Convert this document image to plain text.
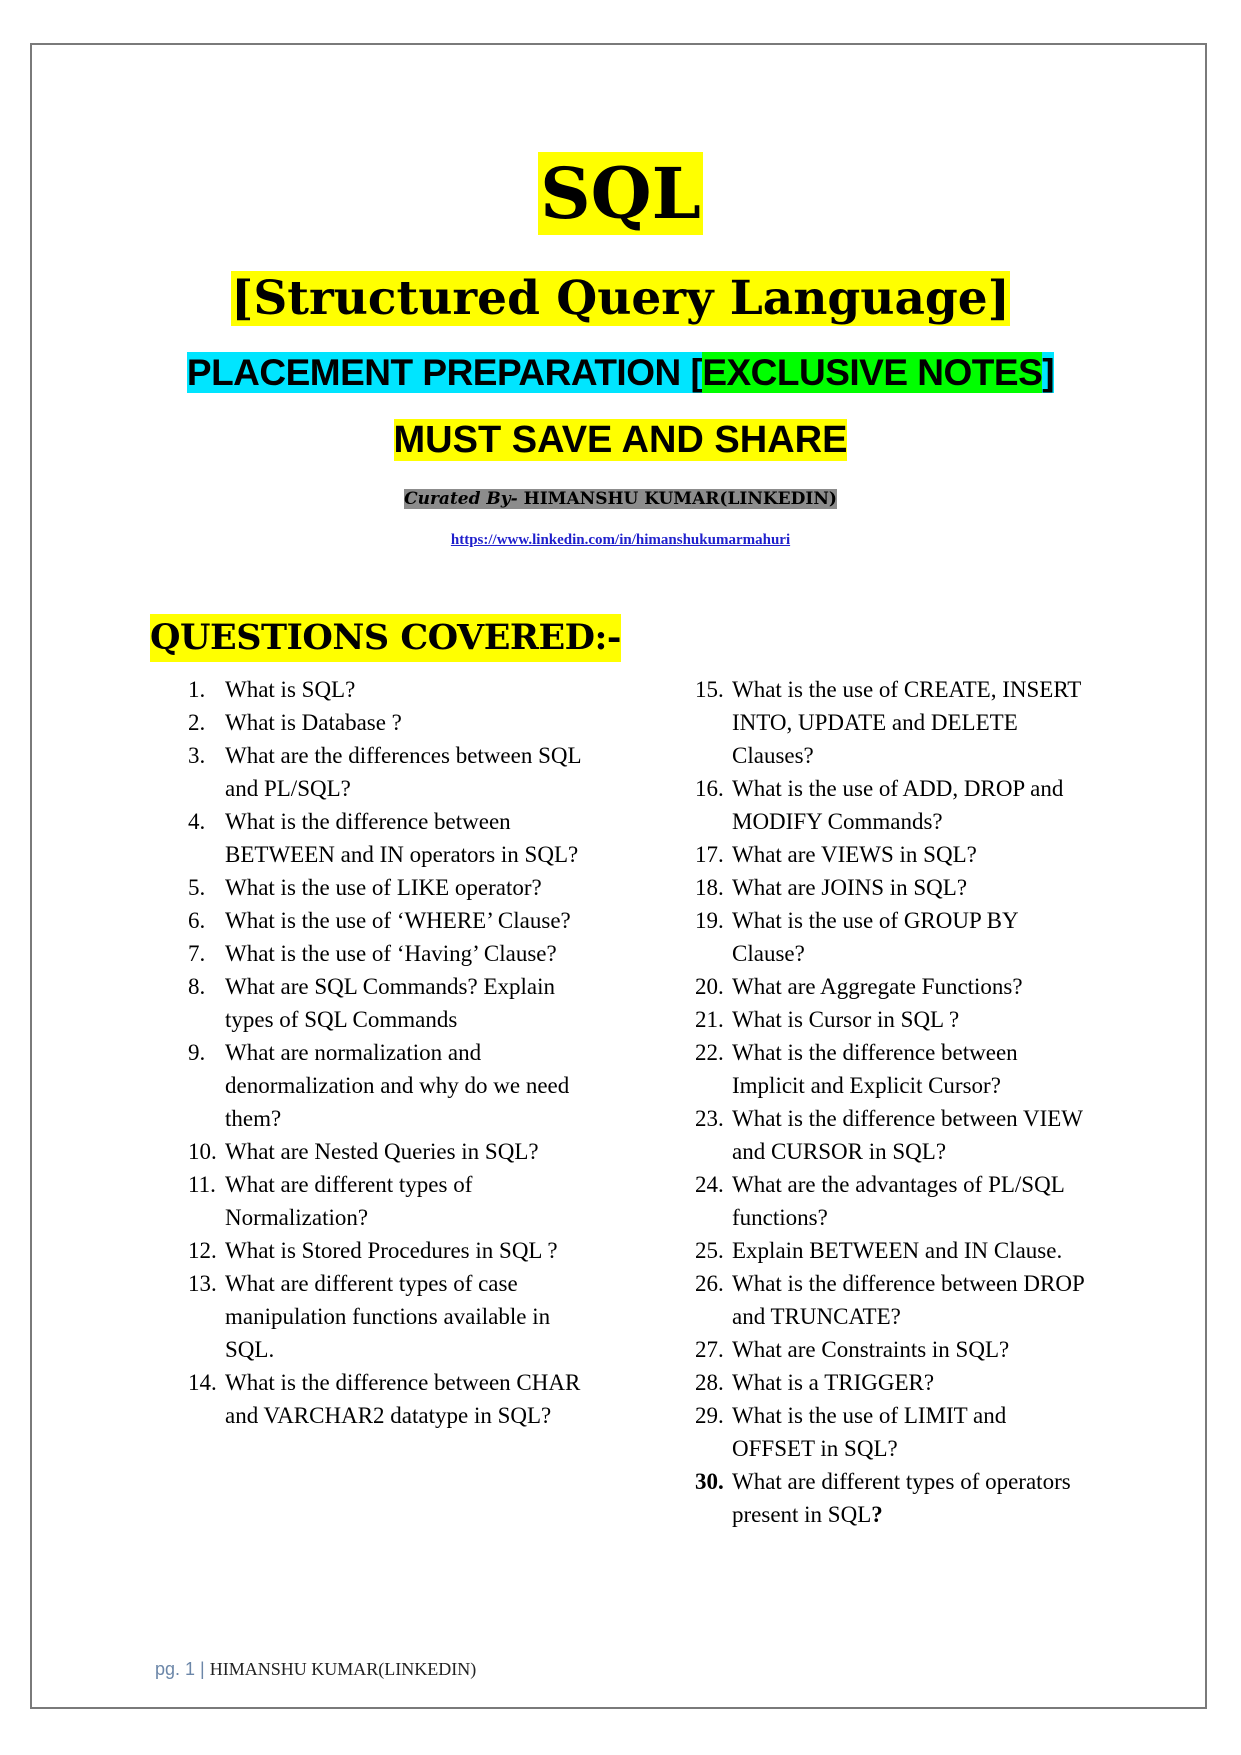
SQL
[Structured Query Language]
PLACEMENT PREPARATION [EXCLUSIVE NOTES]
MUST SAVE AND SHARE
Curated By- HIMANSHU KUMAR(LINKEDIN)
https://www.linkedin.com/in/himanshukumarmahuri
QUESTIONS COVERED:-
1. What is SQL?
2. What is Database ?
3. What are the differences between SQL and PL/SQL?
4. What is the difference between BETWEEN and IN operators in SQL?
5. What is the use of LIKE operator?
6. What is the use of ‘WHERE’ Clause?
7. What is the use of ‘Having’ Clause?
8. What are SQL Commands? Explain types of SQL Commands
9. What are normalization and denormalization and why do we need them?
10. What are Nested Queries in SQL?
11. What are different types of Normalization?
12. What is Stored Procedures in SQL ?
13. What are different types of case manipulation functions available in SQL.
14. What is the difference between CHAR and VARCHAR2 datatype in SQL?
15. What is the use of CREATE, INSERT INTO, UPDATE and DELETE Clauses?
16. What is the use of ADD, DROP and MODIFY Commands?
17. What are VIEWS in SQL?
18. What are JOINS in SQL?
19. What is the use of GROUP BY Clause?
20. What are Aggregate Functions?
21. What is Cursor in SQL ?
22. What is the difference between Implicit and Explicit Cursor?
23. What is the difference between VIEW and CURSOR in SQL?
24. What are the advantages of PL/SQL functions?
25. Explain BETWEEN and IN Clause.
26. What is the difference between DROP and TRUNCATE?
27. What are Constraints in SQL?
28. What is a TRIGGER?
29. What is the use of LIMIT and OFFSET in SQL?
30. What are different types of operators present in SQL?
pg. 1 | HIMANSHU KUMAR(LINKEDIN)
